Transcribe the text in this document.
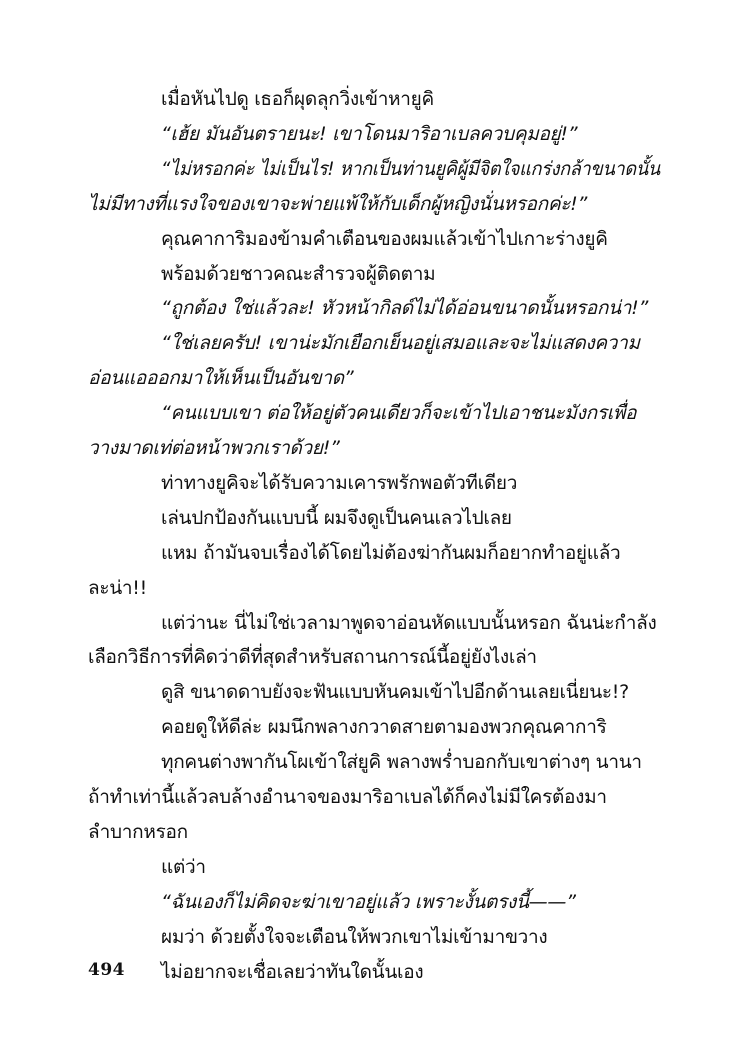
เมื่อหันไปดู เธอก็ผุดลุกวิ่งเข้าหายูคิ
“เฮ้ย มันอันตรายนะ! เขาโดนมาริอาเบลควบคุมอยู่!”
“ไม่หรอกค่ะ ไม่เป็นไร! หากเป็นท่านยูคิผู้มีจิตใจแกร่งกล้าขนาดนั้น
ไม่มีทางที่แรงใจของเขาจะพ่ายแพ้ให้กับเด็กผู้หญิงนั่นหรอกค่ะ!”
คุณคาการิมองข้ามคำเตือนของผมแล้วเข้าไปเกาะร่างยูคิ
พร้อมด้วยชาวคณะสำรวจผู้ติดตาม
“ถูกต้อง ใช่แล้วละ! หัวหน้ากิลด์ไม่ได้อ่อนขนาดนั้นหรอกน่า!”
“ใช่เลยครับ! เขาน่ะมักเยือกเย็นอยู่เสมอและจะไม่แสดงความ
อ่อนแอออกมาให้เห็นเป็นอันขาด”
“คนแบบเขา ต่อให้อยู่ตัวคนเดียวก็จะเข้าไปเอาชนะมังกรเพื่อ
วางมาดเท่ต่อหน้าพวกเราด้วย!”
ท่าทางยูคิจะได้รับความเคารพรักพอตัวทีเดียว
เล่นปกป้องกันแบบนี้ ผมจึงดูเป็นคนเลวไปเลย
แหม ถ้ามันจบเรื่องได้โดยไม่ต้องฆ่ากันผมก็อยากทำอยู่แล้ว
ละน่า!!
แต่ว่านะ นี่ไม่ใช่เวลามาพูดจาอ่อนหัดแบบนั้นหรอก ฉันน่ะกำลัง
เลือกวิธีการที่คิดว่าดีที่สุดสำหรับสถานการณ์นี้อยู่ยังไงเล่า
ดูสิ ขนาดดาบยังจะฟันแบบหันคมเข้าไปอีกด้านเลยเนี่ยนะ!?
คอยดูให้ดีล่ะ ผมนึกพลางกวาดสายตามองพวกคุณคาการิ
ทุกคนต่างพากันโผเข้าใส่ยูคิ พลางพร่ำบอกกับเขาต่างๆ นานา
ถ้าทำเท่านี้แล้วลบล้างอำนาจของมาริอาเบลได้ก็คงไม่มีใครต้องมา
ลำบากหรอก
แต่ว่า
“ฉันเองก็ไม่คิดจะฆ่าเขาอยู่แล้ว เพราะงั้นตรงนี้——”
ผมว่า ด้วยตั้งใจจะเตือนให้พวกเขาไม่เข้ามาขวาง
ไม่อยากจะเชื่อเลยว่าทันใดนั้นเอง
494
